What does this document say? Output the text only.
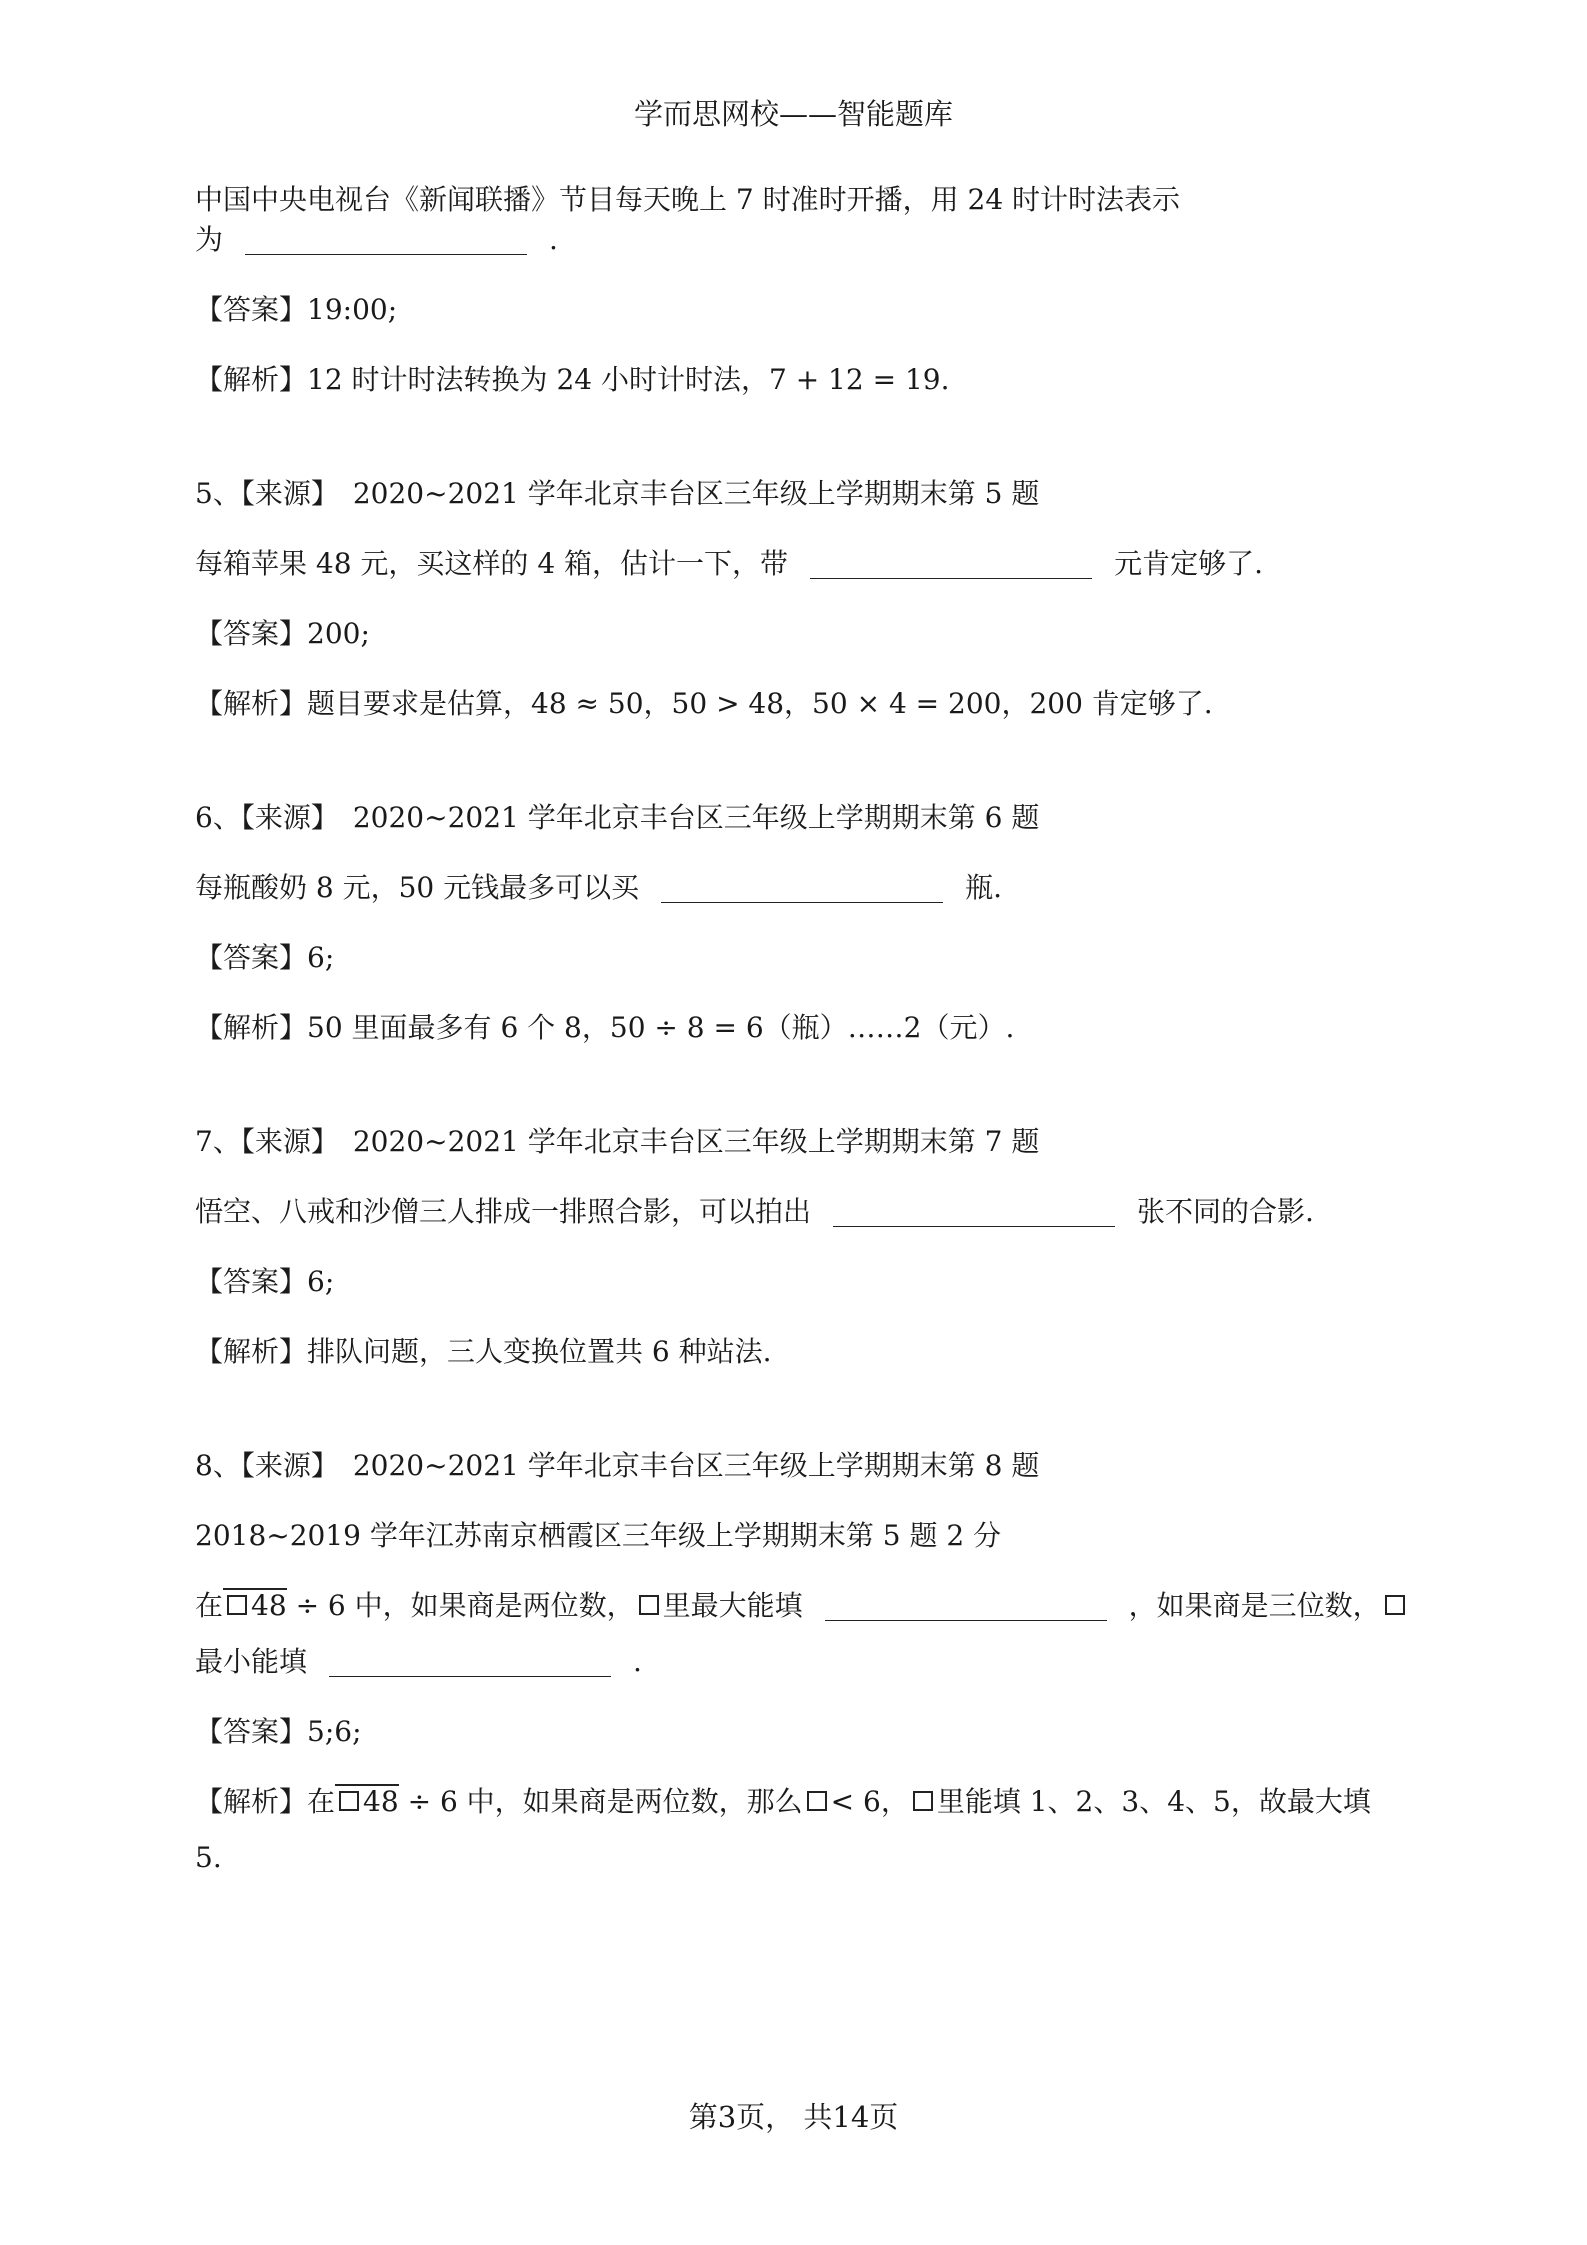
学而思网校——智能题库
中国中央电视台《新闻联播》节目每天晚上 7 时准时开播，用 24 时计时法表示
为	.
【答案】19:00;
【解析】12 时计时法转换为 24 小时计时法，7 + 12 = 19.
5、【来源】 2020~2021 学年北京丰台区三年级上学期期末第 5 题
每箱苹果 48 元，买这样的 4 箱，估计一下，带	元肯定够了.
【答案】200;
【解析】题目要求是估算，48 ≈ 50，50 > 48，50 × 4 = 200，200 肯定够了.
6、【来源】 2020~2021 学年北京丰台区三年级上学期期末第 6 题
每瓶酸奶 8 元，50 元钱最多可以买	瓶.
【答案】6;
【解析】50 里面最多有 6 个 8，50 ÷ 8 = 6（瓶）……2（元）.
7、【来源】 2020~2021 学年北京丰台区三年级上学期期末第 7 题
悟空、八戒和沙僧三人排成一排照合影，可以拍出	张不同的合影.
【答案】6;
【解析】排队问题，三人变换位置共 6 种站法.
8、【来源】 2020~2021 学年北京丰台区三年级上学期期末第 8 题
2018~2019 学年江苏南京栖霞区三年级上学期期末第 5 题 2 分
在 48 ÷ 6 中，如果商是两位数， 里最大能填	，如果商是三位数，
最小能填	.
【答案】5;6;
【解析】在 48 ÷ 6 中，如果商是两位数，那么 < 6， 里能填 1、2、3、4、5，故最大填
5.
第3页， 共14页
